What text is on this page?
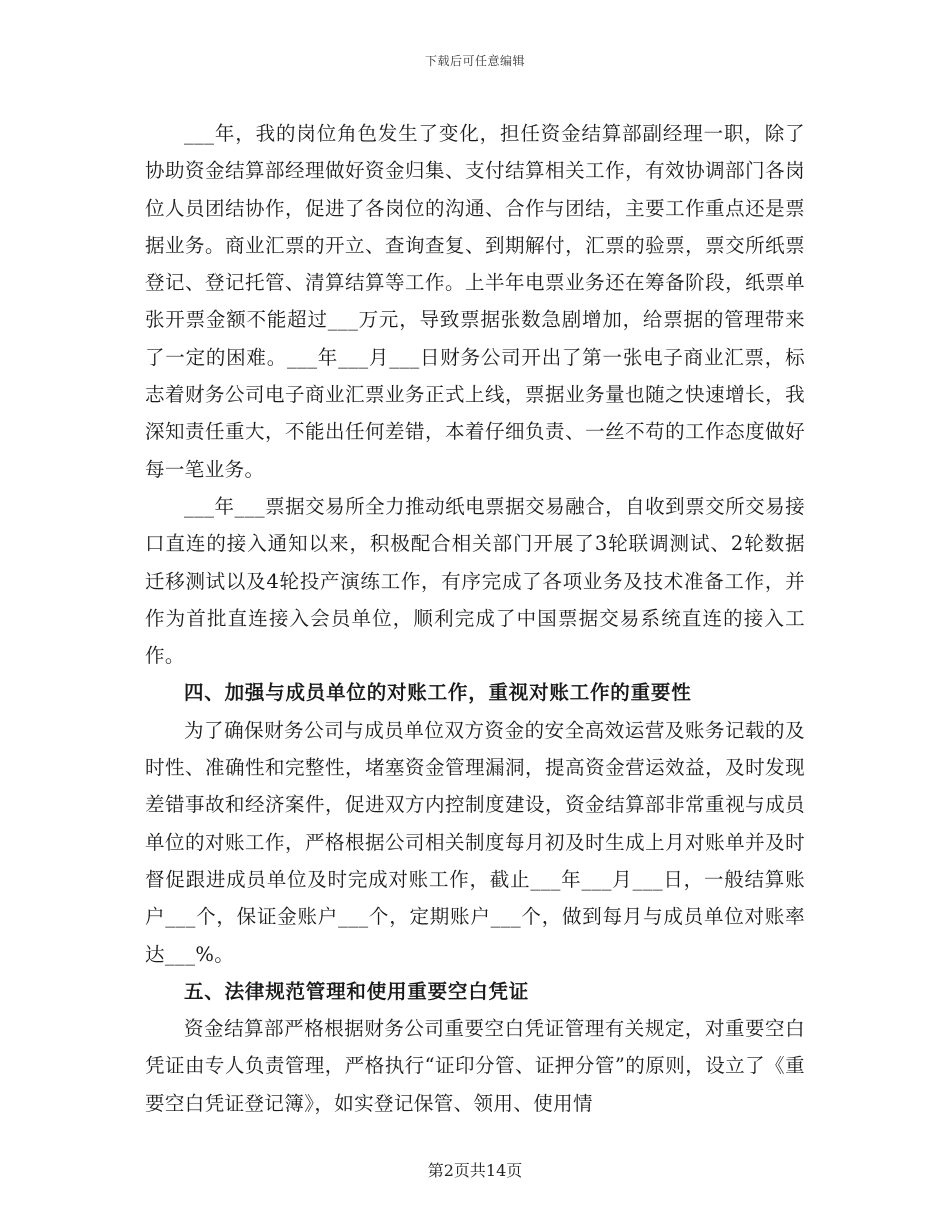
下载后可任意编辑

___年，我的岗位角色发生了变化，担任资金结算部副经理一职，除了协助资金结算部经理做好资金归集、支付结算相关工作，有效协调部门各岗位人员团结协作，促进了各岗位的沟通、合作与团结，主要工作重点还是票据业务。商业汇票的开立、查询查复、到期解付，汇票的验票，票交所纸票登记、登记托管、清算结算等工作。上半年电票业务还在筹备阶段，纸票单张开票金额不能超过___万元，导致票据张数急剧增加，给票据的管理带来了一定的困难。___年___月___日财务公司开出了第一张电子商业汇票，标志着财务公司电子商业汇票业务正式上线，票据业务量也随之快速增长，我深知责任重大，不能出任何差错，本着仔细负责、一丝不苟的工作态度做好每一笔业务。

___年___票据交易所全力推动纸电票据交易融合，自收到票交所交易接口直连的接入通知以来，积极配合相关部门开展了3轮联调测试、2轮数据迁移测试以及4轮投产演练工作，有序完成了各项业务及技术准备工作，并作为首批直连接入会员单位，顺利完成了中国票据交易系统直连的接入工作。

四、加强与成员单位的对账工作，重视对账工作的重要性

为了确保财务公司与成员单位双方资金的安全高效运营及账务记载的及时性、准确性和完整性，堵塞资金管理漏洞，提高资金营运效益，及时发现差错事故和经济案件，促进双方内控制度建设，资金结算部非常重视与成员单位的对账工作，严格根据公司相关制度每月初及时生成上月对账单并及时督促跟进成员单位及时完成对账工作，截止___年___月___日，一般结算账户___个，保证金账户___个，定期账户___个，做到每月与成员单位对账率达___%。

五、法律规范管理和使用重要空白凭证

资金结算部严格根据财务公司重要空白凭证管理有关规定，对重要空白凭证由专人负责管理，严格执行“证印分管、证押分管”的原则，设立了《重要空白凭证登记簿》，如实登记保管、领用、使用情

第2页共14页
